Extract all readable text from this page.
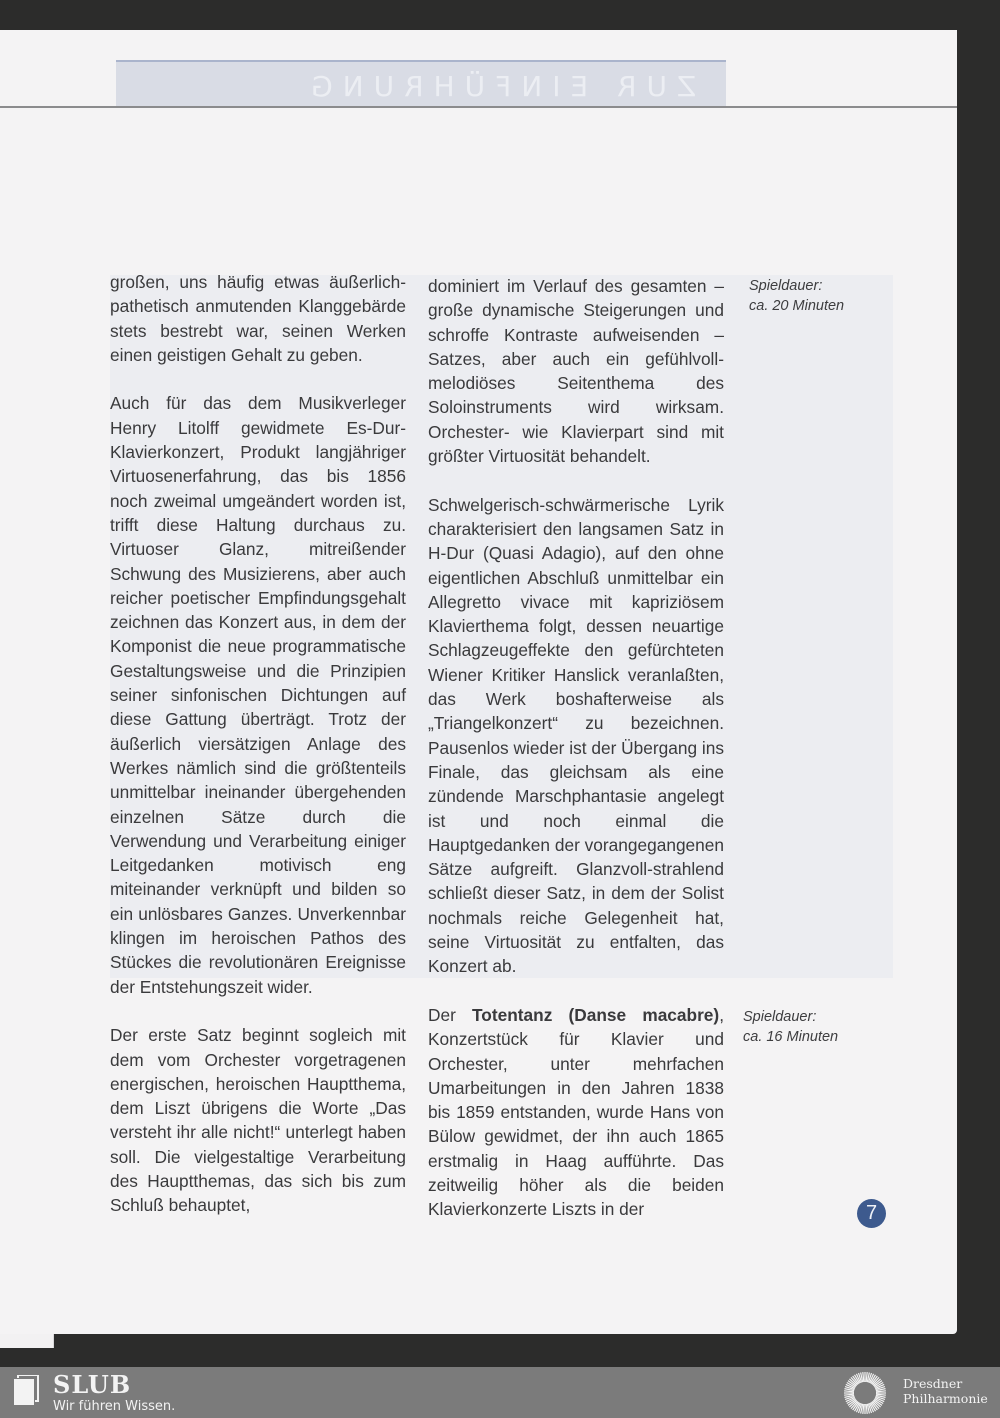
ZUR EINFÜHRUNG

großen, uns häufig etwas äußerlich-pathetisch anmutenden Klanggebärde stets bestrebt war, seinen Werken einen geistigen Gehalt zu geben.

Auch für das dem Musikverleger Henry Litolff gewidmete Es-Dur-Klavierkonzert, Produkt langjähriger Virtuosenerfahrung, das bis 1856 noch zweimal umgeändert worden ist, trifft diese Haltung durchaus zu. Virtuoser Glanz, mitreißender Schwung des Musizierens, aber auch reicher poetischer Empfindungsgehalt zeichnen das Konzert aus, in dem der Komponist die neue programmatische Gestaltungsweise und die Prinzipien seiner sinfonischen Dichtungen auf diese Gattung überträgt. Trotz der äußerlich viersätzigen Anlage des Werkes nämlich sind die größtenteils unmittelbar ineinander übergehenden einzelnen Sätze durch die Verwendung und Verarbeitung einiger Leitgedanken motivisch eng miteinander verknüpft und bilden so ein unlösbares Ganzes. Unverkennbar klingen im heroischen Pathos des Stückes die revolutionären Ereignisse der Entstehungszeit wider.

Der erste Satz beginnt sogleich mit dem vom Orchester vorgetragenen energischen, heroischen Hauptthema, dem Liszt übrigens die Worte „Das versteht ihr alle nicht!“ unterlegt haben soll. Die vielgestaltige Verarbeitung des Hauptthemas, das sich bis zum Schluß behauptet,

dominiert im Verlauf des gesamten – große dynamische Steigerungen und schroffe Kontraste aufweisenden – Satzes, aber auch ein gefühlvoll-melodiöses Seitenthema des Soloinstruments wird wirksam. Orchester- wie Klavierpart sind mit größter Virtuosität behandelt.

Schwelgerisch-schwärmerische Lyrik charakterisiert den langsamen Satz in H-Dur (Quasi Adagio), auf den ohne eigentlichen Abschluß unmittelbar ein Allegretto vivace mit kapriziösem Klavierthema folgt, dessen neuartige Schlagzeugeffekte den gefürchteten Wiener Kritiker Hanslick veranlaßten, das Werk boshafterweise als „Triangelkonzert“ zu bezeichnen. Pausenlos wieder ist der Übergang ins Finale, das gleichsam als eine zündende Marschphantasie angelegt ist und noch einmal die Hauptgedanken der vorangegangenen Sätze aufgreift. Glanzvoll-strahlend schließt dieser Satz, in dem der Solist nochmals reiche Gelegenheit hat, seine Virtuosität zu entfalten, das Konzert ab.

Der Totentanz (Danse macabre), Konzertstück für Klavier und Orchester, unter mehrfachen Umarbeitungen in den Jahren 1838 bis 1859 entstanden, wurde Hans von Bülow gewidmet, der ihn auch 1865 erstmalig in Haag aufführte. Das zeitweilig höher als die beiden Klavierkonzerte Liszts in der

Spieldauer:
ca. 20 Minuten
Spieldauer:
ca. 16 Minuten
7
SLUB
Wir führen Wissen.
Dresdner
Philharmonie
